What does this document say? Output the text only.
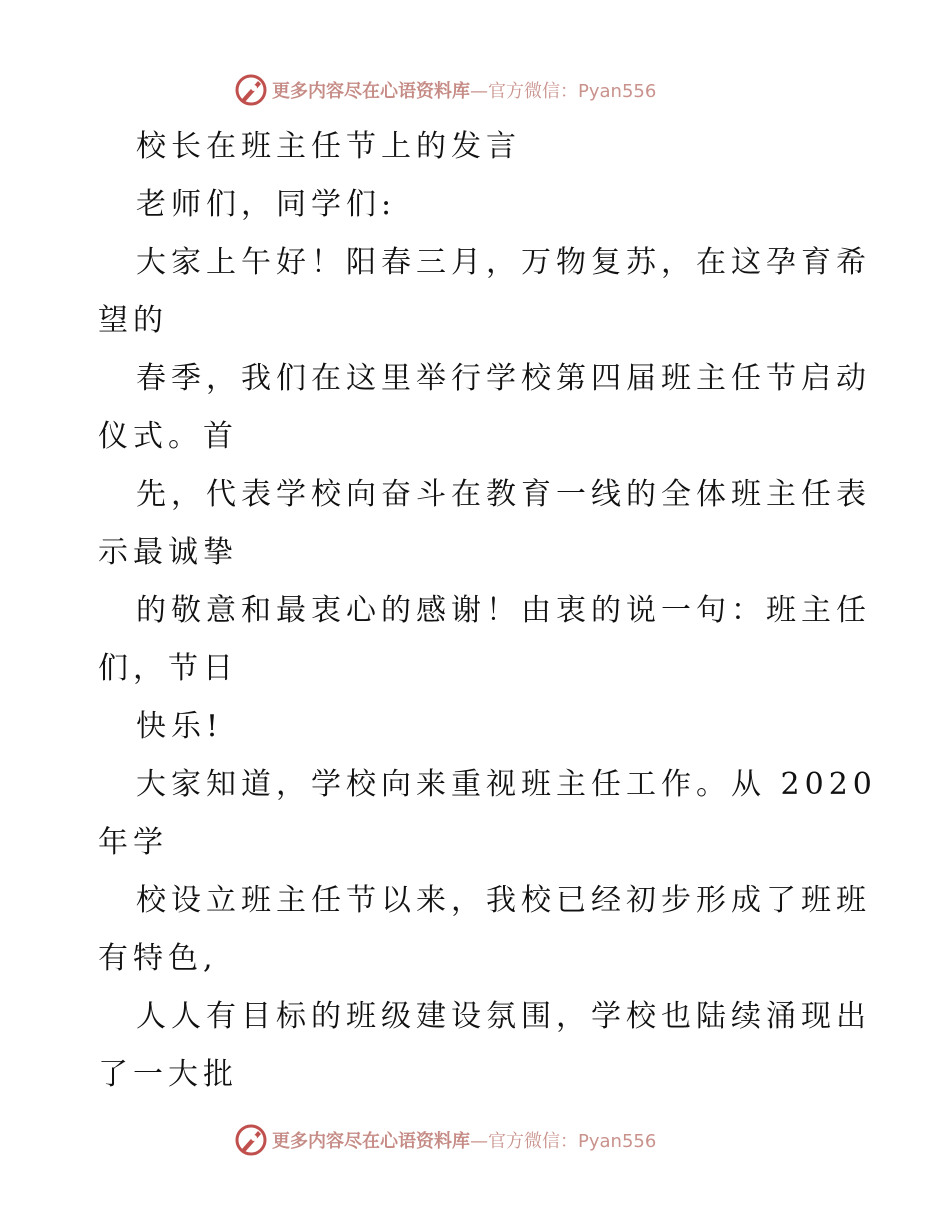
更多内容尽在心语资料库—官方微信：Pyan556
校长在班主任节上的发言
老师们，同学们:
大家上午好！阳春三月，万物复苏，在这孕育希
望的
春季，我们在这里举行学校第四届班主任节启动
仪式。首
先，代表学校向奋斗在教育一线的全体班主任表
示最诚挚
的敬意和最衷心的感谢！由衷的说一句：班主任
们，节日
快乐!
大家知道，学校向来重视班主任工作。从 2020
年学
校设立班主任节以来，我校已经初步形成了班班
有特色,
人人有目标的班级建设氛围，学校也陆续涌现出
了一大批
更多内容尽在心语资料库—官方微信：Pyan556
